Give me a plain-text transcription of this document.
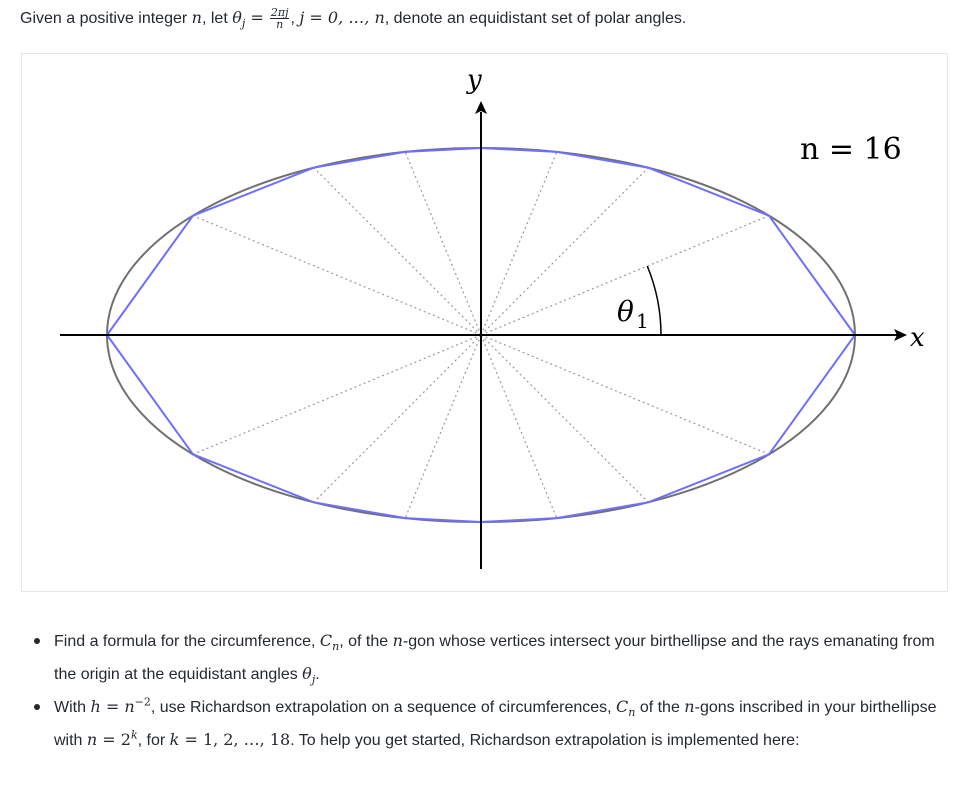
Given a positive integer n, let $\theta_j = \frac{2\pi j}{n}$ , j = 0, …, n, denote an equidistant set of polar angles.
y
x
n = 16
θ 1
Find a formula for the circumference, $C_n$, of the n-gon whose vertices intersect your birthellipse and the rays emanating from the origin at the equidistant angles $\theta_j$.
With $h = n^{-2}$, use Richardson extrapolation on a sequence of circumferences, $C_n$ of the n-gons inscribed in your birthellipse with $n = 2^k$, for k = 1, 2, …, 18. To help you get started, Richardson extrapolation is implemented here:
